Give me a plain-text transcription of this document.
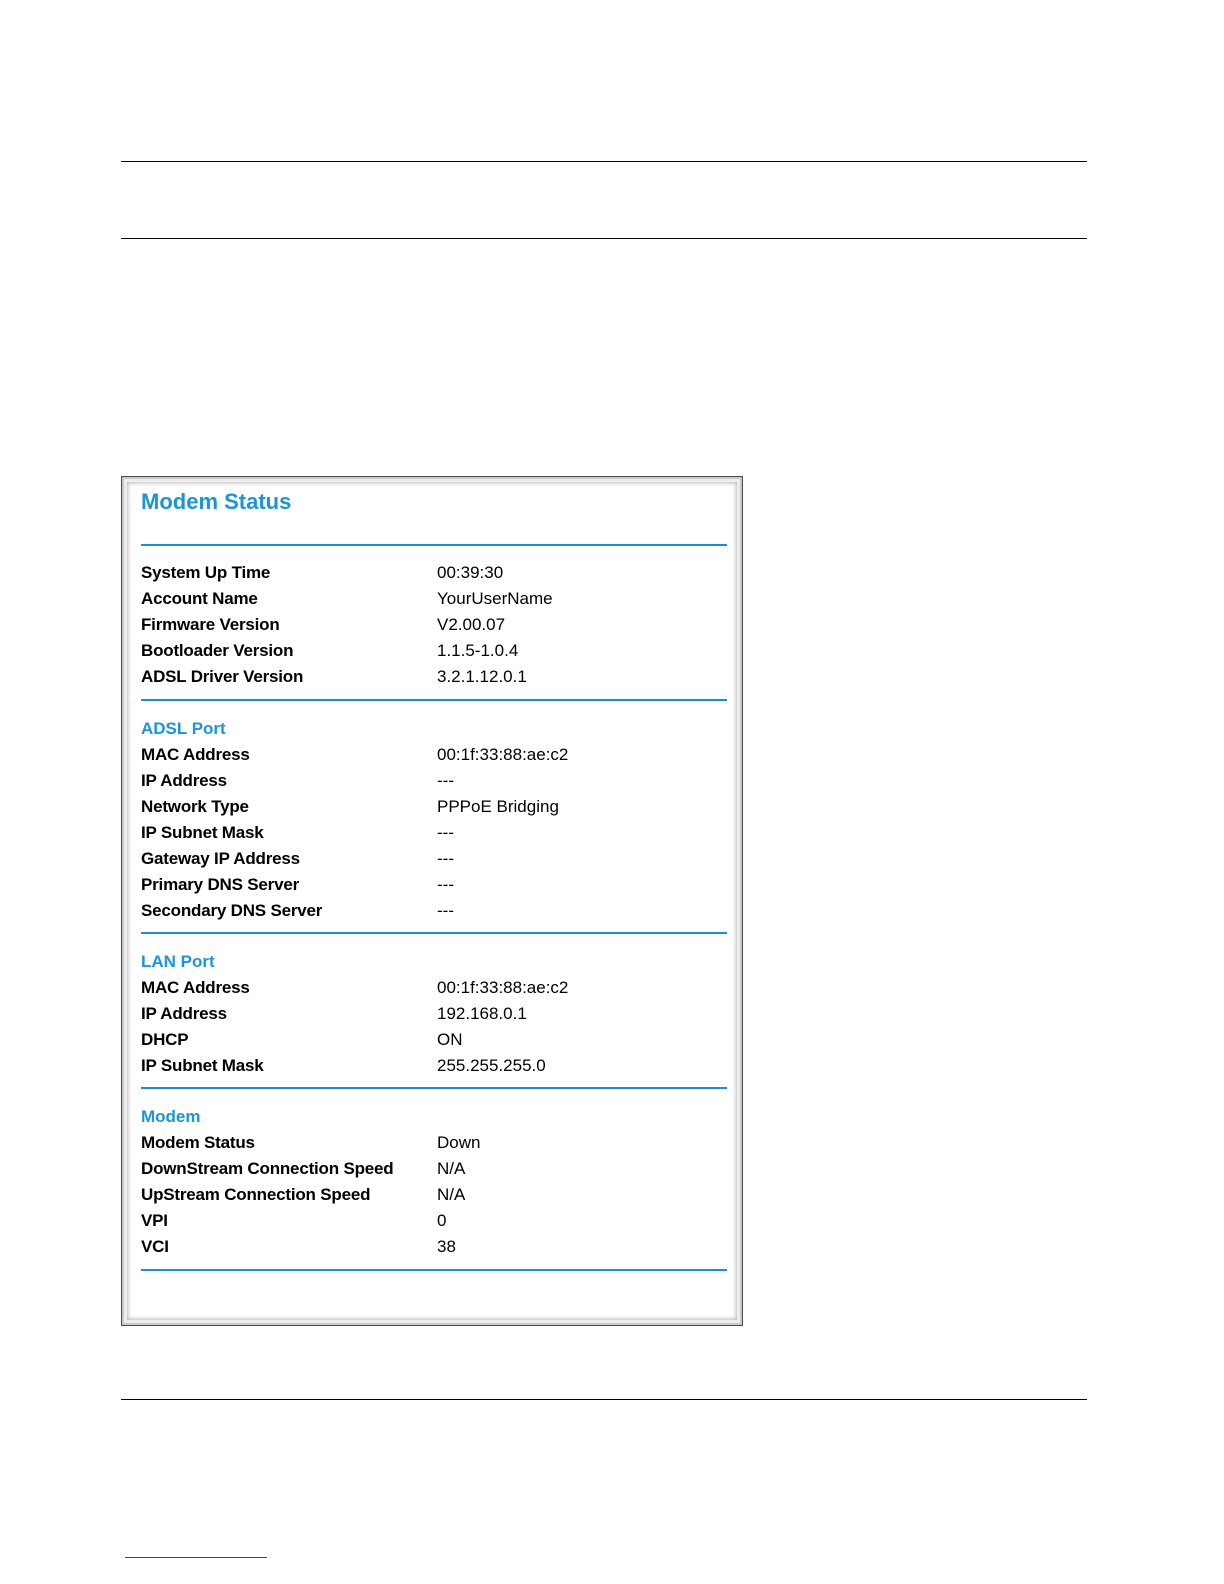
Modem Status
System Up Time	00:39:30
Account Name	YourUserName
Firmware Version	V2.00.07
Bootloader Version	1.1.5-1.0.4
ADSL Driver Version	3.2.1.12.0.1
ADSL Port
MAC Address	00:1f:33:88:ae:c2
IP Address	---
Network Type	PPPoE Bridging
IP Subnet Mask	---
Gateway IP Address	---
Primary DNS Server	---
Secondary DNS Server	---
LAN Port
MAC Address	00:1f:33:88:ae:c2
IP Address	192.168.0.1
DHCP	ON
IP Subnet Mask	255.255.255.0
Modem
Modem Status	Down
DownStream Connection Speed	N/A
UpStream Connection Speed	N/A
VPI	0
VCI	38
